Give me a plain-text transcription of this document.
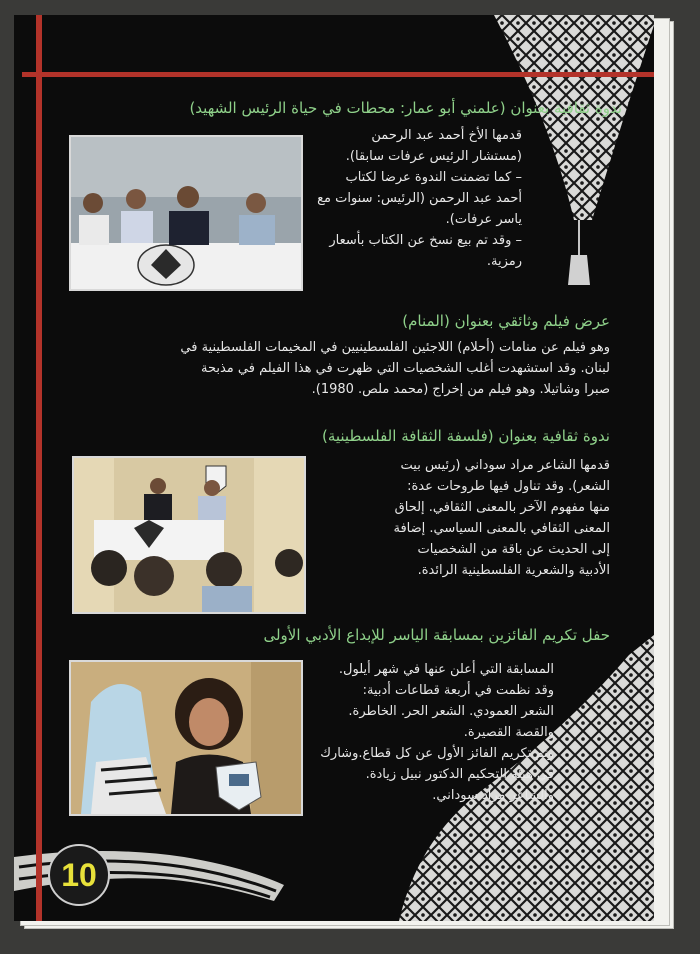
ندوة ثقافية بعنوان (علمني أبو عمار: محطات في حياة الرئيس الشهيد)

قدمها الأخ أحمد عبد الرحمن

(مستشار الرئيس عرفات سابقا).

– كما تضمنت الندوة عرضا لكتاب

أحمد عبد الرحمن (الرئيس: سنوات مع

ياسر عرفات).

– وقد تم بيع نسخ عن الكتاب بأسعار

رمزية.

عرض فيلم وثائقي بعنوان (المنام)

وهو فيلم عن منامات (أحلام) اللاجئين الفلسطينيين في المخيمات الفلسطينية في

لبنان. وقد استشهدت أغلب الشخصيات التي ظهرت في هذا الفيلم في مذبحة

صبرا وشاتيلا. وهو فيلم من إخراج (محمد ملص. 1980).

ندوة ثقافية بعنوان (فلسفة الثقافة الفلسطينية)

قدمها الشاعر مراد سوداني (رئيس بيت

الشعر). وقد تناول فيها طروحات عدة:

منها مفهوم الآخر بالمعنى الثقافي. إلحاق

المعنى الثقافي بالمعنى السياسي. إضافة

إلى الحديث عن باقة من الشخصيات

الأدبية والشعرية الفلسطينية الرائدة.

حفل تكريم الفائزين بمسابقة الياسر للإبداع الأدبي الأولى

المسابقة التي أعلن عنها في شهر أيلول.

وقد نظمت في أربعة قطاعات أدبية:

الشعر العمودي. الشعر الحر. الخاطرة.

والقصة القصيرة.

وتم تكريم الفائز الأول عن كل قطاع.وشارك

في هيئة التحكيم الدكتور نبيل زيادة.

والشاعر مراد سوداني.

10
